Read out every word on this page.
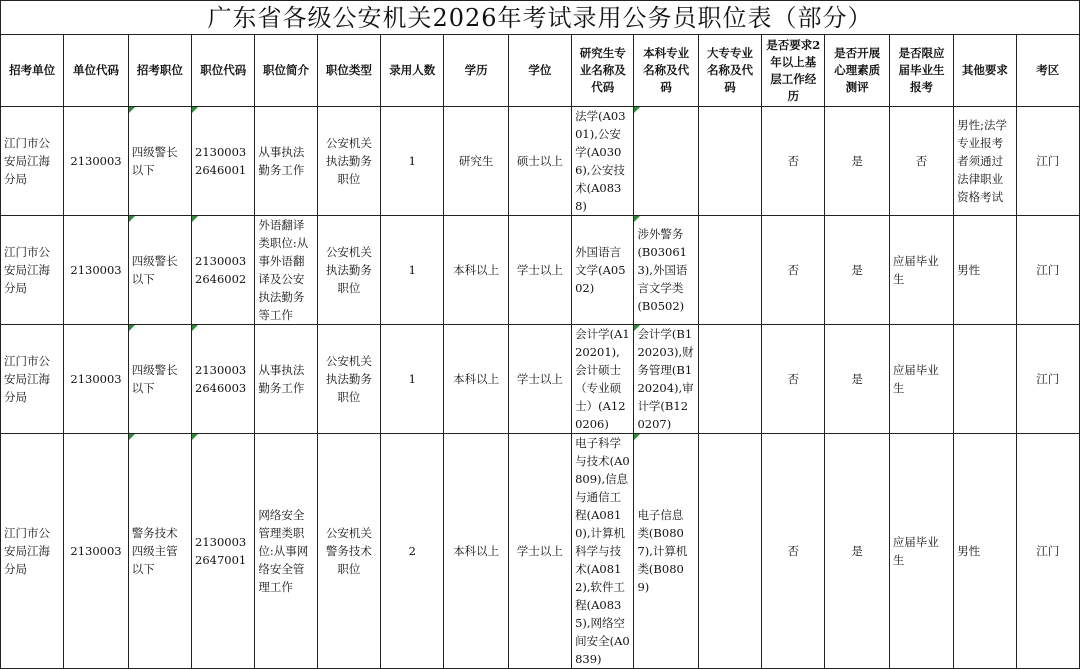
广东省各级公安机关2026年考试录用公务员职位表（部分）
招考单位	单位代码	招考职位	职位代码	职位简介	职位类型	录用人数	学历	学位	研究生专业名称及代码	本科专业名称及代码	大专专业名称及代码	是否要求2年以上基层工作经历	是否开展心理素质测评	是否限应届毕业生报考	其他要求	考区
江门市公安局江海分局	2130003	四级警长以下	21300032646001	从事执法勤务工作	公安机关执法勤务职位	1	研究生	硕士以上	法学(A0301),公安学(A0306),公安技术(A0838)			否	是	否	男性;法学专业报考者须通过法律职业资格考试	江门
江门市公安局江海分局	2130003	四级警长以下	21300032646002	外语翻译类职位:从事外语翻译及公安执法勤务等工作	公安机关执法勤务职位	1	本科以上	学士以上	外国语言文学(A0502)	涉外警务(B030613),外国语言文学类(B0502)		否	是	应届毕业生	男性	江门
江门市公安局江海分局	2130003	四级警长以下	21300032646003	从事执法勤务工作	公安机关执法勤务职位	1	本科以上	学士以上	会计学(A120201),会计硕士（专业硕士）(A120206)	会计学(B120203),财务管理(B120204),审计学(B120207)		否	是	应届毕业生		江门
江门市公安局江海分局	2130003	警务技术四级主管以下	21300032647001	网络安全管理类职位:从事网络安全管理工作	公安机关警务技术职位	2	本科以上	学士以上	电子科学与技术(A0809),信息与通信工程(A0810),计算机科学与技术(A0812),软件工程(A0835),网络空间安全(A0839)	电子信息类(B0807),计算机类(B0809)		否	是	应届毕业生	男性	江门
